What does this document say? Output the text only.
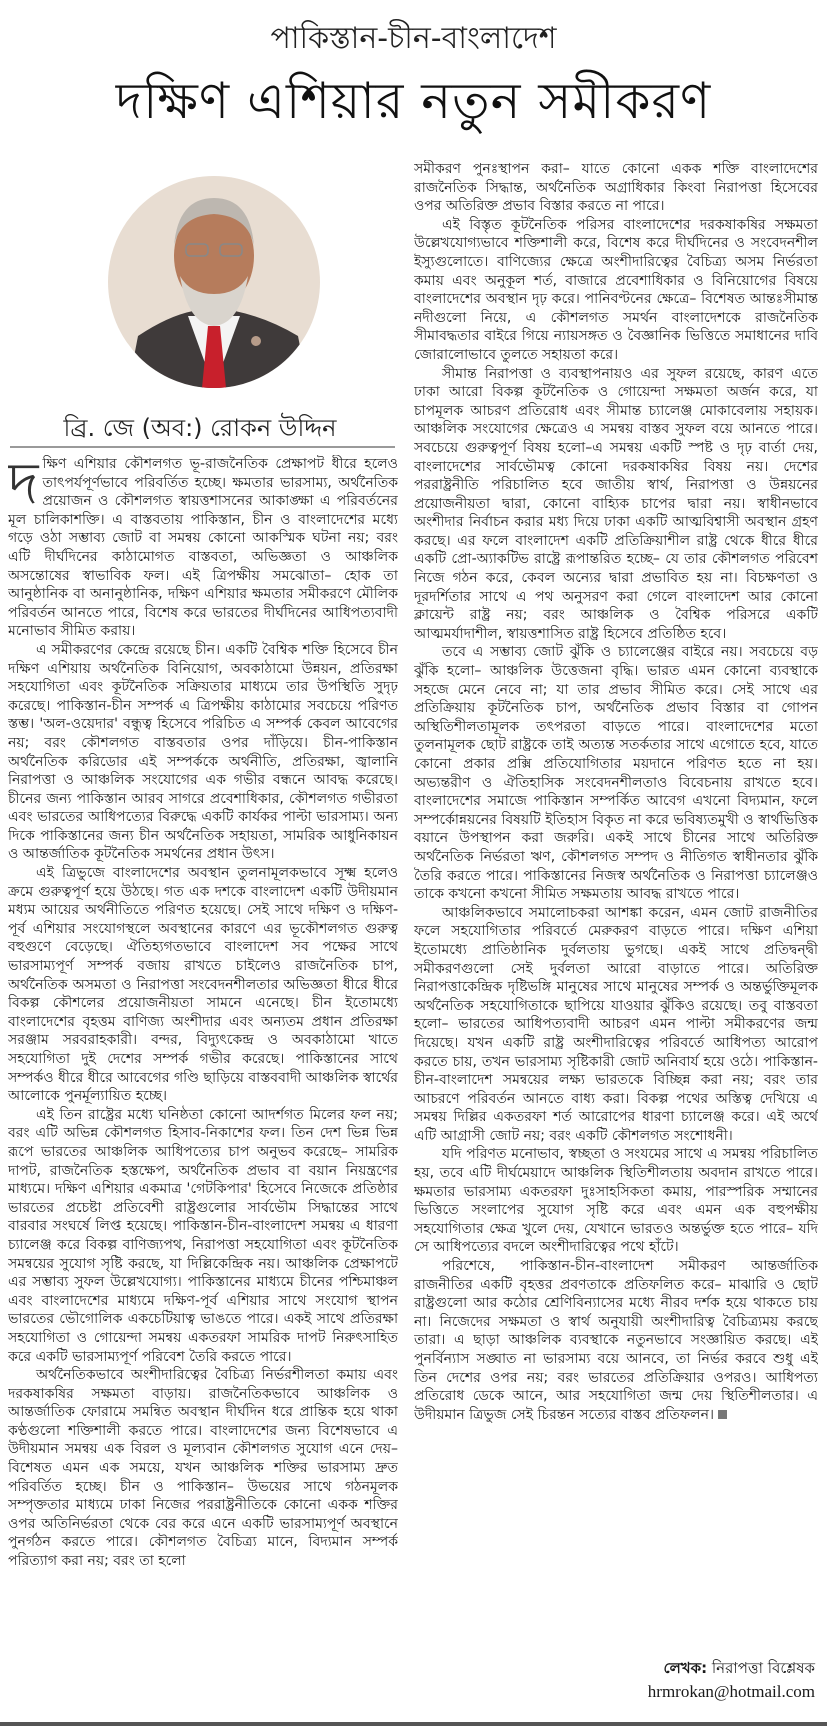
পাকিস্তান-চীন-বাংলাদেশ
দক্ষিণ এশিয়ার নতুন সমীকরণ
ব্রি. জে (অব:) রোকন উদ্দিন

দক্ষিণ এশিয়ার কৌশলগত ভূ-রাজনৈতিক প্রেক্ষাপট ধীরে হলেও তাৎপর্যপূর্ণভাবে পরিবর্তিত হচ্ছে। ক্ষমতার ভারসাম্য, অর্থনৈতিক প্রয়োজন ও কৌশলগত স্বায়ত্তশাসনের আকাঙ্ক্ষা এ পরিবর্তনের মূল চালিকাশক্তি। এ বাস্তবতায় পাকিস্তান, চীন ও বাংলাদেশের মধ্যে গড়ে ওঠা সম্ভাব্য জোট বা সমন্বয় কোনো আকস্মিক ঘটনা নয়; বরং এটি দীর্ঘদিনের কাঠামোগত বাস্তবতা, অভিজ্ঞতা ও আঞ্চলিক অসন্তোষের স্বাভাবিক ফল। এই ত্রিপক্ষীয় সমঝোতা– হোক তা আনুষ্ঠানিক বা অনানুষ্ঠানিক, দক্ষিণ এশিয়ার ক্ষমতার সমীকরণে মৌলিক পরিবর্তন আনতে পারে, বিশেষ করে ভারতের দীর্ঘদিনের আধিপত্যবাদী মনোভাব সীমিত করায়।

এ সমীকরণের কেন্দ্রে রয়েছে চীন। একটি বৈশ্বিক শক্তি হিসেবে চীন দক্ষিণ এশিয়ায় অর্থনৈতিক বিনিয়োগ, অবকাঠামো উন্নয়ন, প্রতিরক্ষা সহযোগিতা এবং কূটনৈতিক সক্রিয়তার মাধ্যমে তার উপস্থিতি সুদৃঢ় করেছে। পাকিস্তান-চীন সম্পর্ক এ ত্রিপক্ষীয় কাঠামোর সবচেয়ে পরিণত স্তম্ভ। 'অল-ওয়েদার' বন্ধুত্ব হিসেবে পরিচিত এ সম্পর্ক কেবল আবেগের নয়; বরং কৌশলগত বাস্তবতার ওপর দাঁড়িয়ে। চীন-পাকিস্তান অর্থনৈতিক করিডোর এই সম্পর্ককে অর্থনীতি, প্রতিরক্ষা, জ্বালানি নিরাপত্তা ও আঞ্চলিক সংযোগের এক গভীর বন্ধনে আবদ্ধ করেছে। চীনের জন্য পাকিস্তান আরব সাগরে প্রবেশাধিকার, কৌশলগত গভীরতা এবং ভারতের আধিপত্যের বিরুদ্ধে একটি কার্যকর পাল্টা ভারসাম্য। অন্য দিকে পাকিস্তানের জন্য চীন অর্থনৈতিক সহায়তা, সামরিক আধুনিকায়ন ও আন্তর্জাতিক কূটনৈতিক সমর্থনের প্রধান উৎস।

এই ত্রিভুজে বাংলাদেশের অবস্থান তুলনামূলকভাবে সূক্ষ্ম হলেও ক্রমে গুরুত্বপূর্ণ হয়ে উঠছে। গত এক দশকে বাংলাদেশ একটি উদীয়মান মধ্যম আয়ের অর্থনীতিতে পরিণত হয়েছে। সেই সাথে দক্ষিণ ও দক্ষিণ-পূর্ব এশিয়ার সংযোগস্থলে অবস্থানের কারণে এর ভূকৌশলগত গুরুত্ব বহুগুণে বেড়েছে। ঐতিহ্যগতভাবে বাংলাদেশ সব পক্ষের সাথে ভারসাম্যপূর্ণ সম্পর্ক বজায় রাখতে চাইলেও রাজনৈতিক চাপ, অর্থনৈতিক অসমতা ও নিরাপত্তা সংবেদনশীলতার অভিজ্ঞতা ধীরে ধীরে বিকল্প কৌশলের প্রয়োজনীয়তা সামনে এনেছে। চীন ইতোমধ্যে বাংলাদেশের বৃহত্তম বাণিজ্য অংশীদার এবং অন্যতম প্রধান প্রতিরক্ষা সরঞ্জাম সরবরাহকারী। বন্দর, বিদ্যুৎকেন্দ্র ও অবকাঠামো খাতে সহযোগিতা দুই দেশের সম্পর্ক গভীর করেছে। পাকিস্তানের সাথে সম্পর্কও ধীরে ধীরে আবেগের গণ্ডি ছাড়িয়ে বাস্তববাদী আঞ্চলিক স্বার্থের আলোকে পুনর্মূল্যায়িত হচ্ছে।

এই তিন রাষ্ট্রের মধ্যে ঘনিষ্ঠতা কোনো আদর্শগত মিলের ফল নয়; বরং এটি অভিন্ন কৌশলগত হিসাব-নিকাশের ফল। তিন দেশ ভিন্ন ভিন্ন রূপে ভারতের আঞ্চলিক আধিপত্যের চাপ অনুভব করেছে– সামরিক দাপট, রাজনৈতিক হস্তক্ষেপ, অর্থনৈতিক প্রভাব বা বয়ান নিয়ন্ত্রণের মাধ্যমে। দক্ষিণ এশিয়ার একমাত্র 'গেটকিপার' হিসেবে নিজেকে প্রতিষ্ঠার ভারতের প্রচেষ্টা প্রতিবেশী রাষ্ট্রগুলোর সার্বভৌম সিদ্ধান্তের সাথে বারবার সংঘর্ষে লিপ্ত হয়েছে। পাকিস্তান-চীন-বাংলাদেশ সমন্বয় এ ধারণা চ্যালেঞ্জ করে বিকল্প বাণিজ্যপথ, নিরাপত্তা সহযোগিতা এবং কূটনৈতিক সমন্বয়ের সুযোগ সৃষ্টি করছে, যা দিল্লিকেন্দ্রিক নয়। আঞ্চলিক প্রেক্ষাপটে এর সম্ভাব্য সুফল উল্লেখযোগ্য। পাকিস্তানের মাধ্যমে চীনের পশ্চিমাঞ্চল এবং বাংলাদেশের মাধ্যমে দক্ষিণ-পূর্ব এশিয়ার সাথে সংযোগ স্থাপন ভারতের ভৌগোলিক একচেটিয়াত্ব ভাঙতে পারে। একই সাথে প্রতিরক্ষা সহযোগিতা ও গোয়েন্দা সমন্বয় একতরফা সামরিক দাপট নিরুৎসাহিত করে একটি ভারসাম্যপূর্ণ পরিবেশ তৈরি করতে পারে।

অর্থনৈতিকভাবে অংশীদারিত্বের বৈচিত্র্য নির্ভরশীলতা কমায় এবং দরকষাকষির সক্ষমতা বাড়ায়। রাজনৈতিকভাবে আঞ্চলিক ও আন্তর্জাতিক ফোরামে সমন্বিত অবস্থান দীর্ঘদিন ধরে প্রান্তিক হয়ে থাকা কণ্ঠগুলো শক্তিশালী করতে পারে। বাংলাদেশের জন্য বিশেষভাবে এ উদীয়মান সমন্বয় এক বিরল ও মূল্যবান কৌশলগত সুযোগ এনে দেয়– বিশেষত এমন এক সময়ে, যখন আঞ্চলিক শক্তির ভারসাম্য দ্রুত পরিবর্তিত হচ্ছে। চীন ও পাকিস্তান– উভয়ের সাথে গঠনমূলক সম্পৃক্ততার মাধ্যমে ঢাকা নিজের পররাষ্ট্রনীতিকে কোনো একক শক্তির ওপর অতিনির্ভরতা থেকে বের করে এনে একটি ভারসাম্যপূর্ণ অবস্থানে পুনর্গঠন করতে পারে। কৌশলগত বৈচিত্র্য মানে, বিদ্যমান সম্পর্ক পরিত্যাগ করা নয়; বরং তা হলো

সমীকরণ পুনঃস্থাপন করা– যাতে কোনো একক শক্তি বাংলাদেশের রাজনৈতিক সিদ্ধান্ত, অর্থনৈতিক অগ্রাধিকার কিংবা নিরাপত্তা হিসেবের ওপর অতিরিক্ত প্রভাব বিস্তার করতে না পারে।

এই বিস্তৃত কূটনৈতিক পরিসর বাংলাদেশের দরকষাকষির সক্ষমতা উল্লেখযোগ্যভাবে শক্তিশালী করে, বিশেষ করে দীর্ঘদিনের ও সংবেদনশীল ইস্যুগুলোতে। বাণিজ্যের ক্ষেত্রে অংশীদারিত্বের বৈচিত্র্য অসম নির্ভরতা কমায় এবং অনুকূল শর্ত, বাজারে প্রবেশাধিকার ও বিনিয়োগের বিষয়ে বাংলাদেশের অবস্থান দৃঢ় করে। পানিবণ্টনের ক্ষেত্রে– বিশেষত আন্তঃসীমান্ত নদীগুলো নিয়ে, এ কৌশলগত সমর্থন বাংলাদেশকে রাজনৈতিক সীমাবদ্ধতার বাইরে গিয়ে ন্যায়সঙ্গত ও বৈজ্ঞানিক ভিত্তিতে সমাধানের দাবি জোরালোভাবে তুলতে সহায়তা করে।

সীমান্ত নিরাপত্তা ও ব্যবস্থাপনায়ও এর সুফল রয়েছে, কারণ এতে ঢাকা আরো বিকল্প কূটনৈতিক ও গোয়েন্দা সক্ষমতা অর্জন করে, যা চাপমূলক আচরণ প্রতিরোধ এবং সীমান্ত চ্যালেঞ্জ মোকাবেলায় সহায়ক। আঞ্চলিক সংযোগের ক্ষেত্রেও এ সমন্বয় বাস্তব সুফল বয়ে আনতে পারে। সবচেয়ে গুরুত্বপূর্ণ বিষয় হলো–এ সমন্বয় একটি স্পষ্ট ও দৃঢ় বার্তা দেয়, বাংলাদেশের সার্বভৌমত্ব কোনো দরকষাকষির বিষয় নয়। দেশের পররাষ্ট্রনীতি পরিচালিত হবে জাতীয় স্বার্থ, নিরাপত্তা ও উন্নয়নের প্রয়োজনীয়তা দ্বারা, কোনো বাহ্যিক চাপের দ্বারা নয়। স্বাধীনভাবে অংশীদার নির্বাচন করার মধ্য দিয়ে ঢাকা একটি আত্মবিশ্বাসী অবস্থান গ্রহণ করছে। এর ফলে বাংলাদেশ একটি প্রতিক্রিয়াশীল রাষ্ট্র থেকে ধীরে ধীরে একটি প্রো-অ্যাকটিভ রাষ্ট্রে রূপান্তরিত হচ্ছে– যে তার কৌশলগত পরিবেশ নিজে গঠন করে, কেবল অন্যের দ্বারা প্রভাবিত হয় না। বিচক্ষণতা ও দূরদর্শিতার সাথে এ পথ অনুসরণ করা গেলে বাংলাদেশ আর কোনো ক্লায়েন্ট রাষ্ট্র নয়; বরং আঞ্চলিক ও বৈশ্বিক পরিসরে একটি আত্মমর্যাদাশীল, স্বায়ত্তশাসিত রাষ্ট্র হিসেবে প্রতিষ্ঠিত হবে।

তবে এ সম্ভাব্য জোট ঝুঁকি ও চ্যালেঞ্জের বাইরে নয়। সবচেয়ে বড় ঝুঁকি হলো– আঞ্চলিক উত্তেজনা বৃদ্ধি। ভারত এমন কোনো ব্যবস্থাকে সহজে মেনে নেবে না; যা তার প্রভাব সীমিত করে। সেই সাথে এর প্রতিক্রিয়ায় কূটনৈতিক চাপ, অর্থনৈতিক প্রভাব বিস্তার বা গোপন অস্থিতিশীলতামূলক তৎপরতা বাড়তে পারে। বাংলাদেশের মতো তুলনামূলক ছোট রাষ্ট্রকে তাই অত্যন্ত সতর্কতার সাথে এগোতে হবে, যাতে কোনো প্রকার প্রক্সি প্রতিযোগিতার ময়দানে পরিণত হতে না হয়। অভ্যন্তরীণ ও ঐতিহাসিক সংবেদনশীলতাও বিবেচনায় রাখতে হবে। বাংলাদেশের সমাজে পাকিস্তান সম্পর্কিত আবেগ এখনো বিদ্যমান, ফলে সম্পর্কোন্নয়নের বিষয়টি ইতিহাস বিকৃত না করে ভবিষ্যতমুখী ও স্বার্থভিত্তিক বয়ানে উপস্থাপন করা জরুরি। একই সাথে চীনের সাথে অতিরিক্ত অর্থনৈতিক নির্ভরতা ঋণ, কৌশলগত সম্পদ ও নীতিগত স্বাধীনতার ঝুঁকি তৈরি করতে পারে। পাকিস্তানের নিজস্ব অর্থনৈতিক ও নিরাপত্তা চ্যালেঞ্জও তাকে কখনো কখনো সীমিত সক্ষমতায় আবদ্ধ রাখতে পারে।

আঞ্চলিকভাবে সমালোচকরা আশঙ্কা করেন, এমন জোট রাজনীতির ফলে সহযোগিতার পরিবর্তে মেরুকরণ বাড়তে পারে। দক্ষিণ এশিয়া ইতোমধ্যে প্রাতিষ্ঠানিক দুর্বলতায় ভুগছে। একই সাথে প্রতিদ্বন্দ্বী সমীকরণগুলো সেই দুর্বলতা আরো বাড়াতে পারে। অতিরিক্ত নিরাপত্তাকেন্দ্রিক দৃষ্টিভঙ্গি মানুষের সাথে মানুষের সম্পর্ক ও অন্তর্ভুক্তিমূলক অর্থনৈতিক সহযোগিতাকে ছাপিয়ে যাওয়ার ঝুঁকিও রয়েছে। তবু বাস্তবতা হলো– ভারতের আধিপত্যবাদী আচরণ এমন পাল্টা সমীকরণের জন্ম দিয়েছে। যখন একটি রাষ্ট্র অংশীদারিত্বের পরিবর্তে আধিপত্য আরোপ করতে চায়, তখন ভারসাম্য সৃষ্টিকারী জোট অনিবার্য হয়ে ওঠে। পাকিস্তান-চীন-বাংলাদেশ সমন্বয়ের লক্ষ্য ভারতকে বিচ্ছিন্ন করা নয়; বরং তার আচরণে পরিবর্তন আনতে বাধ্য করা। বিকল্প পথের অস্তিত্ব দেখিয়ে এ সমন্বয় দিল্লির একতরফা শর্ত আরোপের ধারণা চ্যালেঞ্জ করে। এই অর্থে এটি আগ্রাসী জোট নয়; বরং একটি কৌশলগত সংশোধনী।

যদি পরিণত মনোভাব, স্বচ্ছতা ও সংযমের সাথে এ সমন্বয় পরিচালিত হয়, তবে এটি দীর্ঘমেয়াদে আঞ্চলিক স্থিতিশীলতায় অবদান রাখতে পারে। ক্ষমতার ভারসাম্য একতরফা দুঃসাহসিকতা কমায়, পারস্পরিক সম্মানের ভিত্তিতে সংলাপের সুযোগ সৃষ্টি করে এবং এমন এক বহুপক্ষীয় সহযোগিতার ক্ষেত্র খুলে দেয়, যেখানে ভারতও অন্তর্ভুক্ত হতে পারে– যদি সে আধিপত্যের বদলে অংশীদারিত্বের পথে হাঁটে।

পরিশেষে, পাকিস্তান-চীন-বাংলাদেশ সমীকরণ আন্তর্জাতিক রাজনীতির একটি বৃহত্তর প্রবণতাকে প্রতিফলিত করে– মাঝারি ও ছোট রাষ্ট্রগুলো আর কঠোর শ্রেণিবিন্যাসের মধ্যে নীরব দর্শক হয়ে থাকতে চায় না। নিজেদের সক্ষমতা ও স্বার্থ অনুযায়ী অংশীদারিত্ব বৈচিত্র্যময় করছে তারা। এ ছাড়া আঞ্চলিক ব্যবস্থাকে নতুনভাবে সংজ্ঞায়িত করছে। এই পুনর্বিন্যাস সঙ্ঘাত না ভারসাম্য বয়ে আনবে, তা নির্ভর করবে শুধু এই তিন দেশের ওপর নয়; বরং ভারতের প্রতিক্রিয়ার ওপরও। আধিপত্য প্রতিরোধ ডেকে আনে, আর সহযোগিতা জন্ম দেয় স্থিতিশীলতার। এ উদীয়মান ত্রিভুজ সেই চিরন্তন সত্যের বাস্তব প্রতিফলন।

লেখক: নিরাপত্তা বিশ্লেষক
hrmrokan@hotmail.com
